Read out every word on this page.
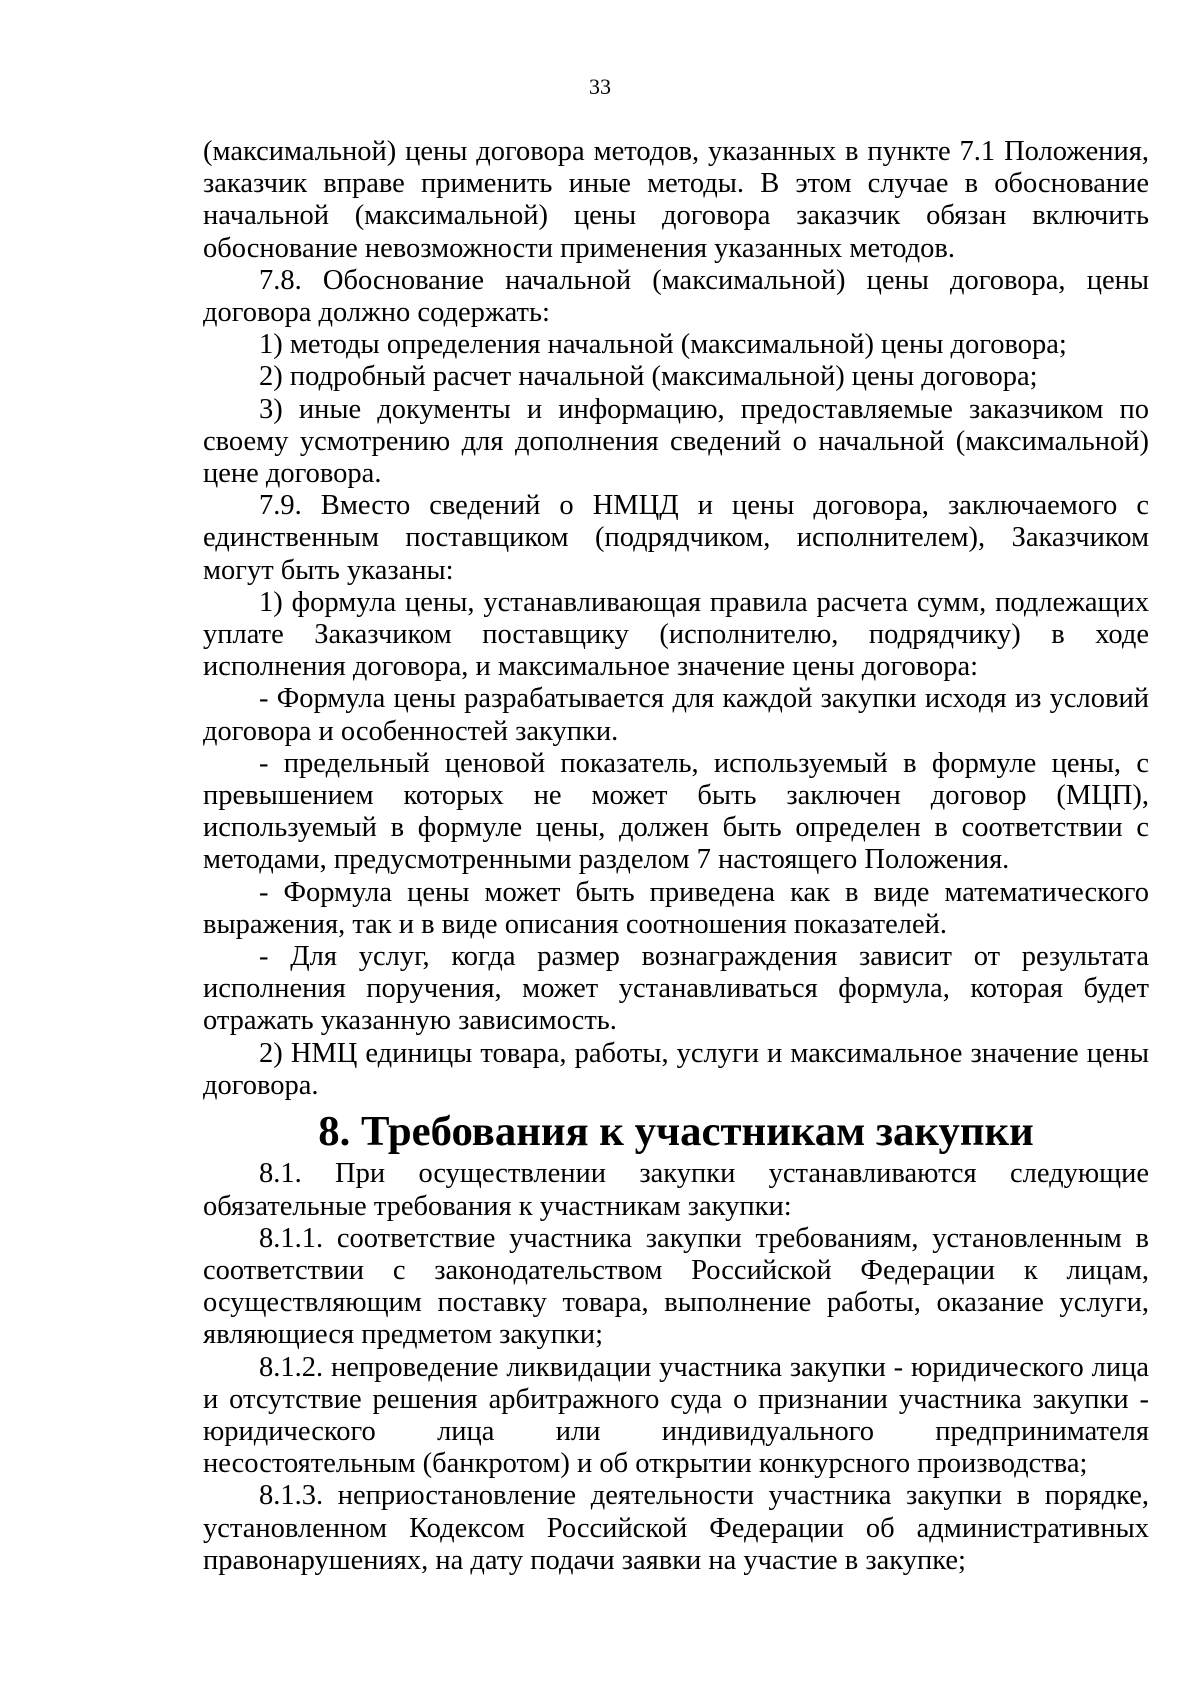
33

(максимальной) цены договора методов, указанных в пункте 7.1 Положения, заказчик вправе применить иные методы. В этом случае в обоснование начальной (максимальной) цены договора заказчик обязан включить обоснование невозможности применения указанных методов.

7.8. Обоснование начальной (максимальной) цены договора, цены договора должно содержать:

1) методы определения начальной (максимальной) цены договора;

2) подробный расчет начальной (максимальной) цены договора;

3) иные документы и информацию, предоставляемые заказчиком по своему усмотрению для дополнения сведений о начальной (максимальной) цене договора.

7.9. Вместо сведений о НМЦД и цены договора, заключаемого с единственным поставщиком (подрядчиком, исполнителем), Заказчиком могут быть указаны:

1) формула цены, устанавливающая правила расчета сумм, подлежащих уплате Заказчиком поставщику (исполнителю, подрядчику) в ходе исполнения договора, и максимальное значение цены договора:

- Формула цены разрабатывается для каждой закупки исходя из условий договора и особенностей закупки.

- предельный ценовой показатель, используемый в формуле цены, с превышением которых не может быть заключен договор (МЦП), используемый в формуле цены, должен быть определен в соответствии с методами, предусмотренными разделом 7 настоящего Положения.

- Формула цены может быть приведена как в виде математического выражения, так и в виде описания соотношения показателей.

- Для услуг, когда размер вознаграждения зависит от результата исполнения поручения, может устанавливаться формула, которая будет отражать указанную зависимость.

2) НМЦ единицы товара, работы, услуги и максимальное значение цены договора.

8. Требования к участникам закупки

8.1. При осуществлении закупки устанавливаются следующие обязательные требования к участникам закупки:

8.1.1. соответствие участника закупки требованиям, установленным в соответствии с законодательством Российской Федерации к лицам, осуществляющим поставку товара, выполнение работы, оказание услуги, являющиеся предметом закупки;

8.1.2. непроведение ликвидации участника закупки - юридического лица и отсутствие решения арбитражного суда о признании участника закупки - юридического лица или индивидуального предпринимателя несостоятельным (банкротом) и об открытии конкурсного производства;

8.1.3. неприостановление деятельности участника закупки в порядке, установленном Кодексом Российской Федерации об административных правонарушениях, на дату подачи заявки на участие в закупке;
